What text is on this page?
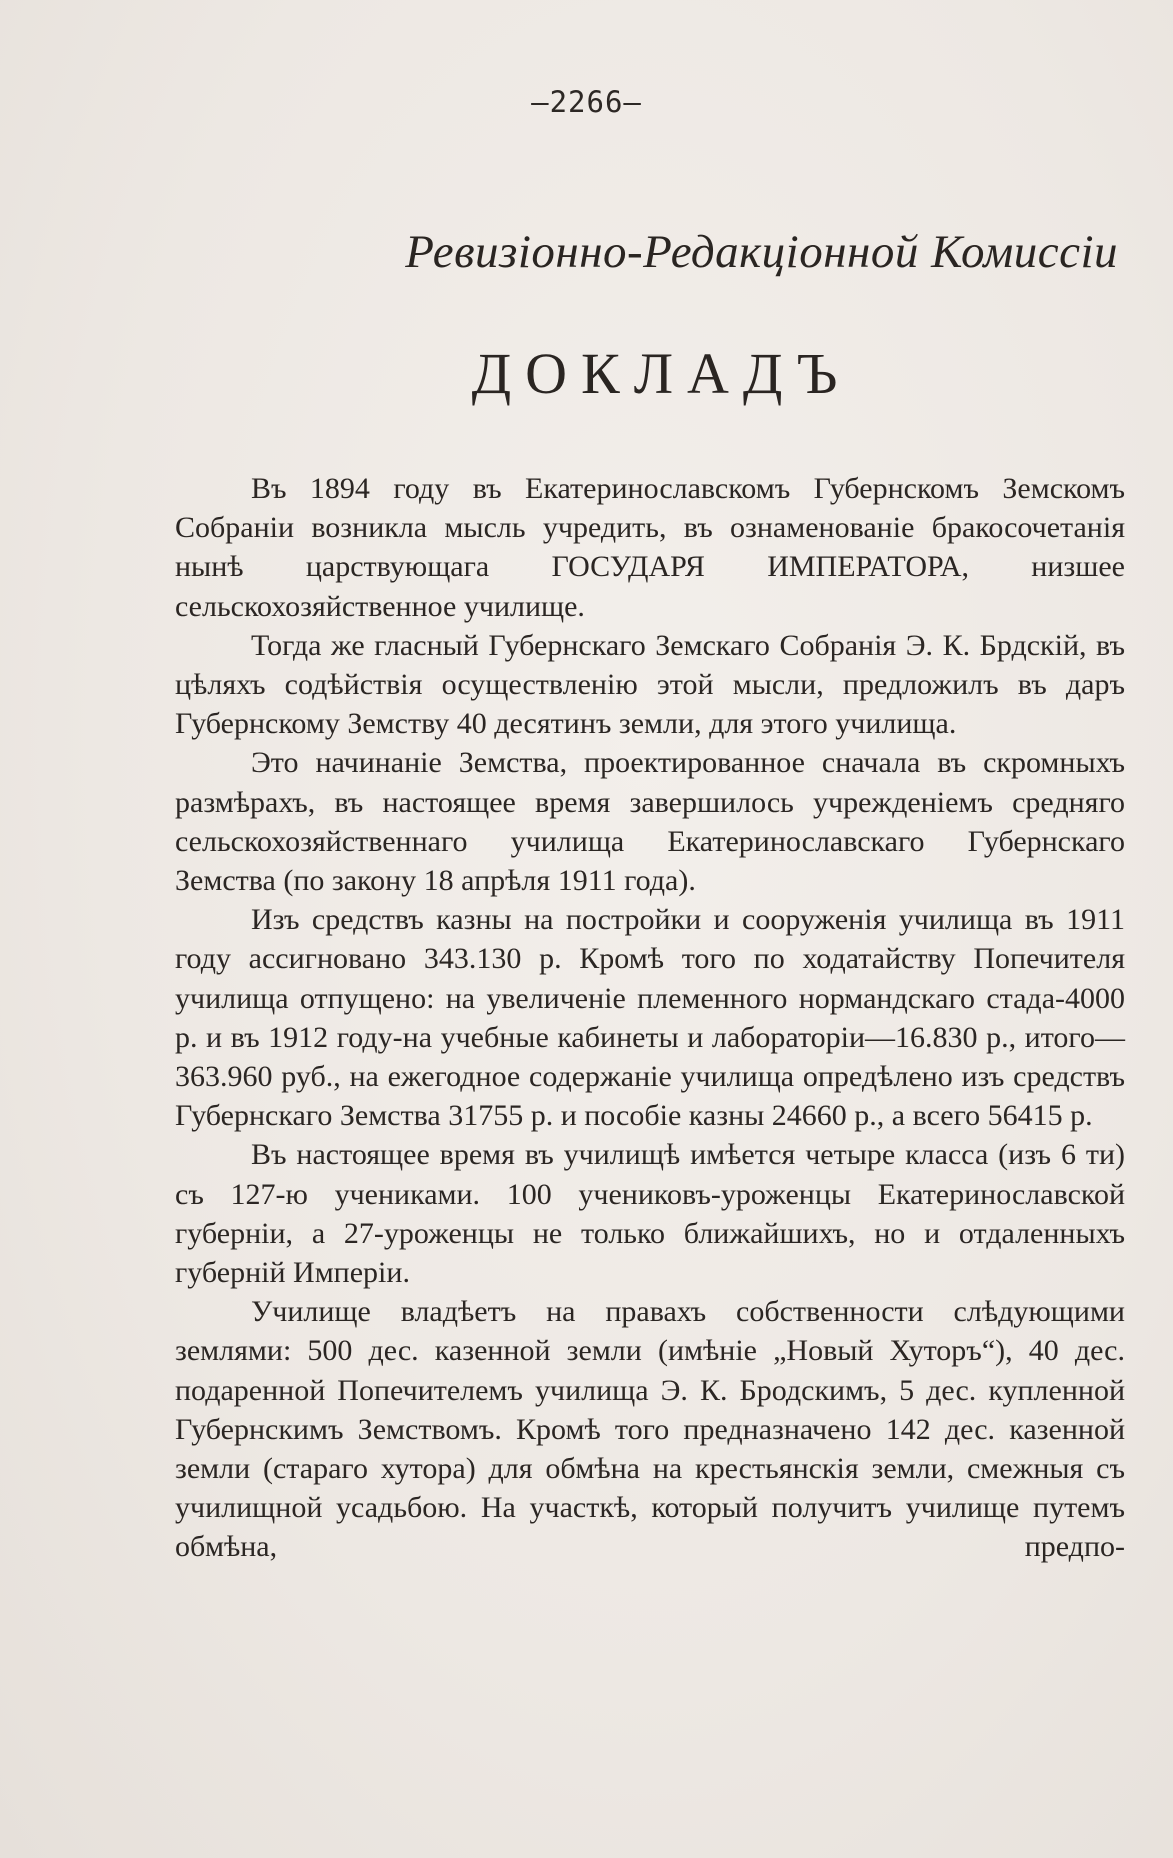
—2266—
Ревизіонно-Редакціонной Комиссіи
ДОКЛАДЪ

Въ 1894 году въ Екатеринославскомъ Губернскомъ Земскомъ Собраніи возникла мысль учредить, въ ознаменованіе бракосочетанія нынѣ царствующага ГОСУДАРЯ ИМПЕРАТОРА, низшее сельскохозяйственное училище.

Тогда же гласный Губернскаго Земскаго Собранія Э. К. Брдскій, въ цѣляхъ содѣйствія осуществленію этой мысли, предложилъ въ даръ Губернскому Земству 40 десятинъ земли, для этого училища.

Это начинаніе Земства, проектированное сначала въ скромныхъ размѣрахъ, въ настоящее время завершилось учрежденіемъ средняго сельскохозяйственнаго училища Екатеринославскаго Губернскаго Земства (по закону 18 апрѣля 1911 года).

Изъ средствъ казны на постройки и сооруженія училища въ 1911 году ассигновано 343.130 р. Кромѣ того по ходатайству Попечителя училища отпущено: на увеличеніе племенного нормандскаго стада-4000 р. и въ 1912 году-на учебные кабинеты и лабораторіи—16.830 р., итого—363.960 руб., на ежегодное содержаніе училища опредѣлено изъ средствъ Губернскаго Земства 31755 р. и пособіе казны 24660 р., а всего 56415 р.

Въ настоящее время въ училищѣ имѣется четыре класса (изъ 6 ти) съ 127-ю учениками. 100 учениковъ-уроженцы Екатеринославской губерніи, а 27-уроженцы не только ближайшихъ, но и отдаленныхъ губерній Имперіи.

Училище владѣетъ на правахъ собственности слѣдующими землями: 500 дес. казенной земли (имѣніе „Новый Хуторъ“), 40 дес. подаренной Попечителемъ училища Э. К. Бродскимъ, 5 дес. купленной Губернскимъ Земствомъ. Кромѣ того предназначено 142 дес. казенной земли (стараго хутора) для обмѣна на крестьянскія земли, смежныя съ училищной усадьбою. На участкѣ, который получитъ училище путемъ обмѣна, предпо-
